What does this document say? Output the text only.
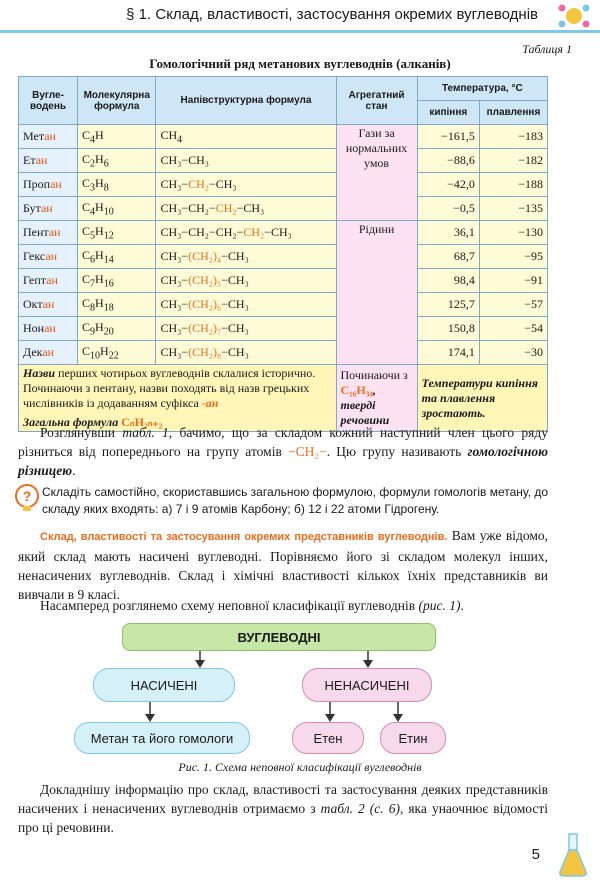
§ 1. Склад, властивості, застосування окремих вуглеводнів
Таблиця 1
Гомологічний ряд метанових вуглеводнів (алканів)
Вугле-водень	Молекулярна формула	Напівструктурна формула	Агрегатний стан	Температура, °С	
				кипіння	плавлення
Метан	$C_4H$	$CH_4$	Гази за нормальних умов	−161,5	−183
Етан	$C_2H_6$	CH₃−CH₃		−88,6	−182
Пропан	$C_3H_8$	CH₃−CH₂−CH₃		−42,0	−188
Бутан	$C_4H_{10}$	CH₃−CH₂−CH₂−CH₃		−0,5	−135
Пентан	$C_5H_{12}$	CH₃−CH₂−CH₂−CH₂−CH₃	Рідини	36,1	−130
Гексан	$C_6H_{14}$	CH₃−(CH₂)₄−CH₃		68,7	−95
Гептан	$C_7H_{16}$	CH₃−(CH₂)₅−CH₃		98,4	−91
Октан	$C_8H_{18}$	CH₃−(CH₂)₆−CH₃		125,7	−57
Нонан	$C_9H_{20}$	CH₃−(CH₂)₇−CH₃		150,8	−54
Декан	$C_{10}H_{22}$	CH₃−(CH₂)₈−CH₃		174,1	−30
Назви перших чотирьох вуглеводнів склалися історично. Починаючи з пентану, назви походять від назв грецьких числівників із додаванням суфікса -ан
Загальна формула CₙH₂ₙ₊₂			Починаючи з C₁₆H₃₄, тверді речовини	Температури кипіння та плавлення зростають.	
Розглянувши табл. 1, бачимо, що за складом кожний наступний член цього ряду різниться від попереднього на групу атомів −CH₂−. Цю групу називають гомологічною різницею.
? Складіть самостійно, скориставшись загальною формулою, формули гомологів метану, до складу яких входять: а) 7 і 9 атомів Карбону; б) 12 і 22 атоми Гідрогену.
Склад, властивості та застосування окремих представників вуглеводнів. Вам уже відомо, який склад мають насичені вуглеводні. Порівняємо його зі складом молекул інших, ненасичених вуглеводнів. Склад і хімічні властивості кількох їхніх представників ви вивчали в 9 класі.
Насамперед розглянемо схему неповної класифікації вуглеводнів (рис. 1).
ВУГЛЕВОДНІ
НАСИЧЕНІ	НЕНАСИЧЕНІ
Метан та його гомологи	Етен	Етин
Рис. 1. Схема неповної класифікації вуглеводнів
Докладнішу інформацію про склад, властивості та застосування деяких представників насичених і ненасичених вуглеводнів отримаємо з табл. 2 (с. 6), яка унаочнює відомості про ці речовини.
5
